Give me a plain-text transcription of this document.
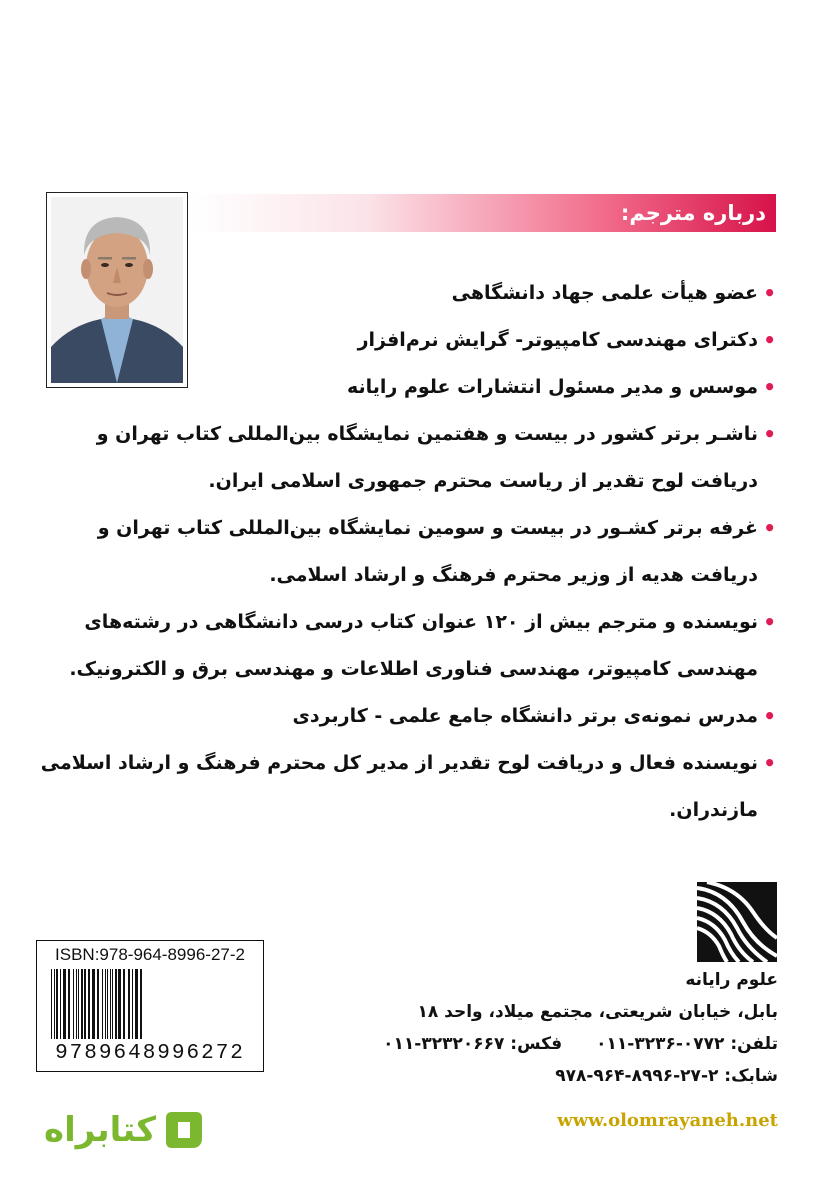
درباره مترجم:
•
عضو هیأت علمی جهاد دانشگاهی
•
دکترای مهندسی کامپیوتر- گرایش نرم‌افزار
•
موسس و مدیر مسئول انتشارات علوم رایانه
•
ناشـر برتر کشور در بیست و هفتمین نمایشگاه بین‌المللی کتاب تهران و دریافت لوح تقدیر از ریاست محترم جمهوری اسلامی ایران.
•
غرفه برتر کشـور در بیست و سومین نمایشگاه بین‌المللی کتاب تهران و دریافت هدیه از وزیر محترم فرهنگ و ارشاد اسلامی.
•
نویسنده و مترجم بیش از ۱۲۰ عنوان کتاب درسی دانشگاهی در رشته‌های مهندسی کامپیوتر، مهندسی فناوری اطلاعات و مهندسی برق و الکترونیک.
•
مدرس نمونه‌ی برتر دانشگاه جامع علمی - کاربردی
•
نویسنده فعال و دریافت لوح تقدیر از مدیر کل محترم فرهنگ و ارشاد اسلامی مازندران.
علوم رایانه
بابل، خیابان شریعتی، مجتمع میلاد، واحد ۱۸
تلفن: ۰۷۷۲-۳۲۳۶-۰۱۱
فکس: ۳۲۳۲۰۶۶۷-۰۱۱
شابک: ۲-۲۷-۸۹۹۶-۹۶۴-۹۷۸
www.olomrayaneh.net
ISBN:978-964-8996-27-2
9789648996272
کتابراه
